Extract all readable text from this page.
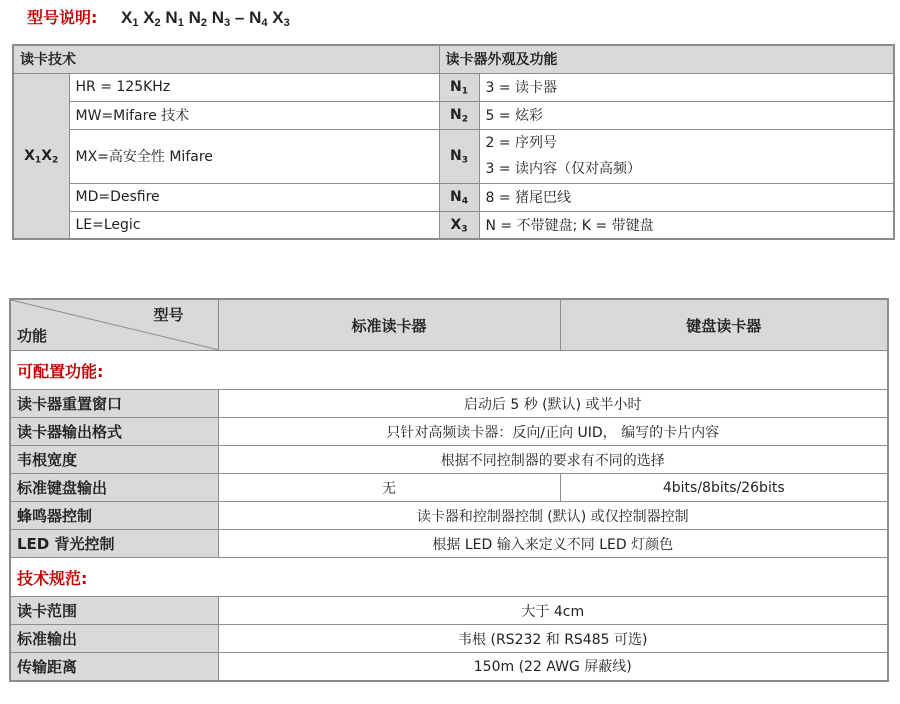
型号说明: $X_1$ $X_2$ $N_1$ $N_2$ $N_3 - N_4$ $X_3$
读卡技术		读卡器外观及功能	
$X_1X_2$	HR = 125KHz	$N_1$	3 = 读卡器
	MW=Mifare 技术	$N_2$	5 = 炫彩
	MX=高安全性 Mifare	$N_3$	2 = 序列号
3 = 读内容（仅对高频）

	MD=Desfire	$N_4$	8 = 猪尾巴线
	LE=Legic	$X_3$	N = 不带键盘; K = 带键盘
型号
功能	标准读卡器	键盘读卡器
可配置功能:		
读卡器重置窗口	启动后 5 秒 (默认) 或半小时	
读卡器输出格式	只针对高频读卡器：反向/正向 UID， 编写的卡片内容	
韦根宽度	根据不同控制器的要求有不同的选择	
标准键盘输出	无	4bits/8bits/26bits
蜂鸣器控制	读卡器和控制器控制 (默认) 或仅控制器控制	
LED 背光控制	根据 LED 输入来定义不同 LED 灯颜色	
技术规范:		
读卡范围	大于 4cm	
标准输出	韦根 (RS232 和 RS485 可选)	
传输距离	150m (22 AWG 屏蔽线)	
